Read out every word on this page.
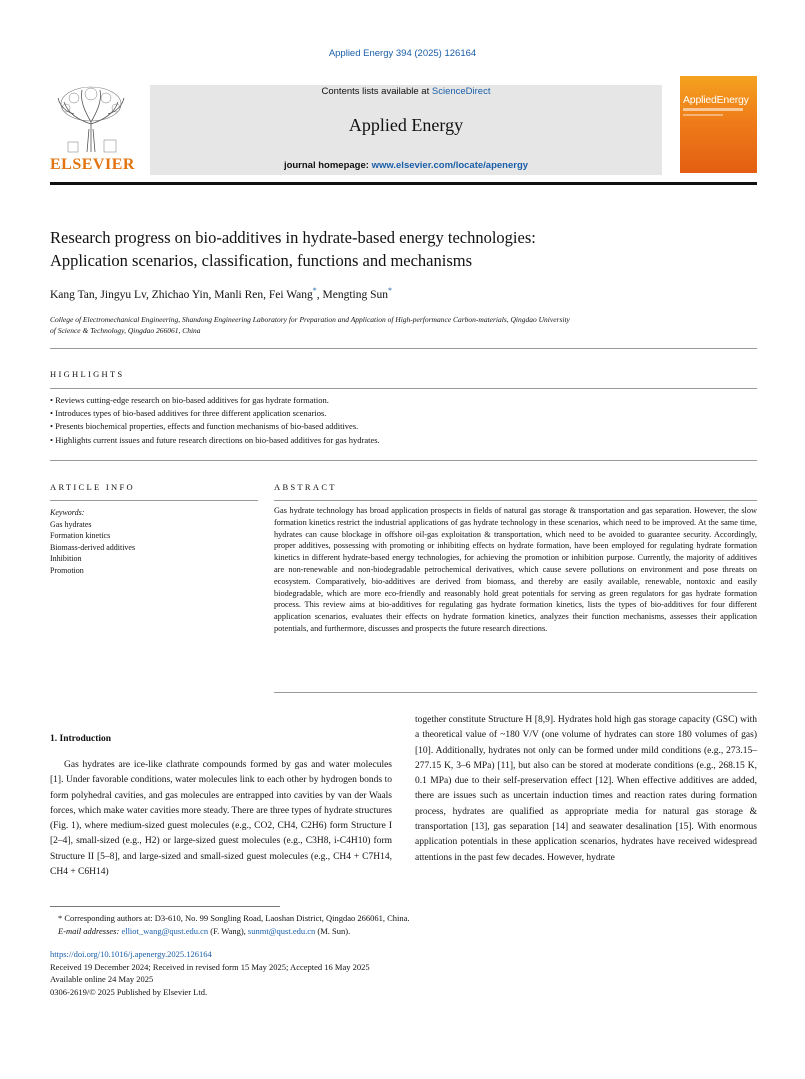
Applied Energy 394 (2025) 126164
ELSEVIER
Contents lists available at ScienceDirect
Applied Energy
journal homepage: www.elsevier.com/locate/apenergy
AppliedEnergy
Research progress on bio-additives in hydrate-based energy technologies:
Application scenarios, classification, functions and mechanisms
Kang Tan, Jingyu Lv, Zhichao Yin, Manli Ren, Fei Wang*, Mengting Sun*
College of Electromechanical Engineering, Shandong Engineering Laboratory for Preparation and Application of High-performance Carbon-materials, Qingdao University
of Science & Technology, Qingdao 266061, China
HIGHLIGHTS
• Reviews cutting-edge research on bio-based additives for gas hydrate formation.
• Introduces types of bio-based additives for three different application scenarios.
• Presents biochemical properties, effects and function mechanisms of bio-based additives.
• Highlights current issues and future research directions on bio-based additives for gas hydrates.
ARTICLE INFO
Keywords:
Gas hydrates
Formation kinetics
Biomass-derived additives
Inhibition
Promotion
ABSTRACT
Gas hydrate technology has broad application prospects in fields of natural gas storage & transportation and gas separation. However, the slow formation kinetics restrict the industrial applications of gas hydrate technology in these scenarios, which need to be improved. At the same time, hydrates can cause blockage in offshore oil-gas exploitation & transportation, which need to be avoided to guarantee security. Accordingly, proper additives, possessing with promoting or inhibiting effects on hydrate formation, have been employed for regulating hydrate formation kinetics in different hydrate-based energy technologies, for achieving the promotion or inhibition purpose. Currently, the majority of additives are non-renewable and non-biodegradable petrochemical derivatives, which cause severe pollutions on environment and pose threats on ecosystem. Comparatively, bio-additives are derived from biomass, and thereby are easily available, renewable, nontoxic and easily biodegradable, which are more eco-friendly and reasonably hold great potentials for serving as green regulators for gas hydrate formation process. This review aims at bio-additives for regulating gas hydrate formation kinetics, lists the types of bio-additives for four different application scenarios, evaluates their effects on hydrate formation kinetics, analyzes their function mechanisms, assesses their application potentials, and furthermore, discusses and prospects the future research directions.
1. Introduction
Gas hydrates are ice-like clathrate compounds formed by gas and water molecules [1]. Under favorable conditions, water molecules link to each other by hydrogen bonds to form polyhedral cavities, and gas molecules are entrapped into cavities by van der Waals forces, which make water cavities more steady. There are three types of hydrate structures (Fig. 1), where medium-sized guest molecules (e.g., CO2, CH4, C2H6) form Structure I [2–4], small-sized (e.g., H2) or large-sized guest molecules (e.g., C3H8, i-C4H10) form Structure II [5–8], and large-sized and small-sized guest molecules (e.g., CH4 + C7H14, CH4 + C6H14)
together constitute Structure H [8,9]. Hydrates hold high gas storage capacity (GSC) with a theoretical value of ~180 V/V (one volume of hydrates can store 180 volumes of gas) [10]. Additionally, hydrates not only can be formed under mild conditions (e.g., 273.15–277.15 K, 3–6 MPa) [11], but also can be stored at moderate conditions (e.g., 268.15 K, 0.1 MPa) due to their self-preservation effect [12]. When effective additives are added, there are issues such as uncertain induction times and reaction rates during formation process, hydrates are qualified as appropriate media for natural gas storage & transportation [13], gas separation [14] and seawater desalination [15]. With enormous application potentials in these application scenarios, hydrates have received widespread attentions in the past few decades. However, hydrate
* Corresponding authors at: D3-610, No. 99 Songling Road, Laoshan District, Qingdao 266061, China.
E-mail addresses: elliot_wang@qust.edu.cn (F. Wang), sunmt@qust.edu.cn (M. Sun).
https://doi.org/10.1016/j.apenergy.2025.126164
Received 19 December 2024; Received in revised form 15 May 2025; Accepted 16 May 2025
Available online 24 May 2025
0306-2619/© 2025 Published by Elsevier Ltd.
